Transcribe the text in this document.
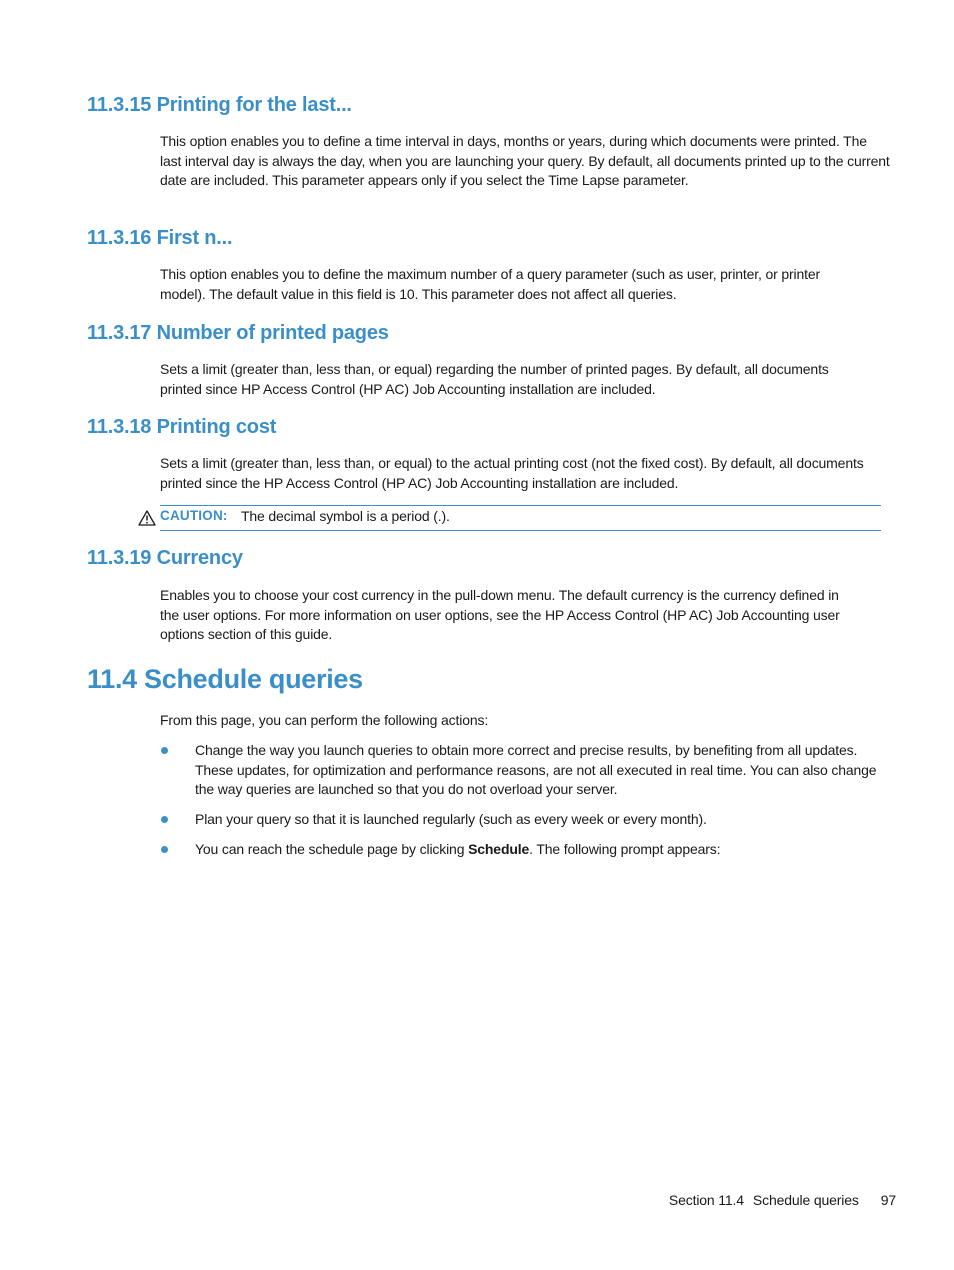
11.3.15 Printing for the last...

This option enables you to define a time interval in days, months or years, during which documents were printed. The last interval day is always the day, when you are launching your query. By default, all documents printed up to the current date are included. This parameter appears only if you select the Time Lapse parameter.

11.3.16 First n...

This option enables you to define the maximum number of a query parameter (such as user, printer, or printer model). The default value in this field is 10. This parameter does not affect all queries.

11.3.17 Number of printed pages

Sets a limit (greater than, less than, or equal) regarding the number of printed pages. By default, all documents printed since HP Access Control (HP AC) Job Accounting installation are included.

11.3.18 Printing cost

Sets a limit (greater than, less than, or equal) to the actual printing cost (not the fixed cost). By default, all documents printed since the HP Access Control (HP AC) Job Accounting installation are included.

CAUTION: The decimal symbol is a period (.).
11.3.19 Currency

Enables you to choose your cost currency in the pull-down menu. The default currency is the currency defined in the user options. For more information on user options, see the HP Access Control (HP AC) Job Accounting user options section of this guide.

11.4 Schedule queries

From this page, you can perform the following actions:

Change the way you launch queries to obtain more correct and precise results, by benefiting from all updates. These updates, for optimization and performance reasons, are not all executed in real time. You can also change the way queries are launched so that you do not overload your server.
Plan your query so that it is launched regularly (such as every week or every month).
You can reach the schedule page by clicking Schedule. The following prompt appears:
Section 11.4 Schedule queries 97
